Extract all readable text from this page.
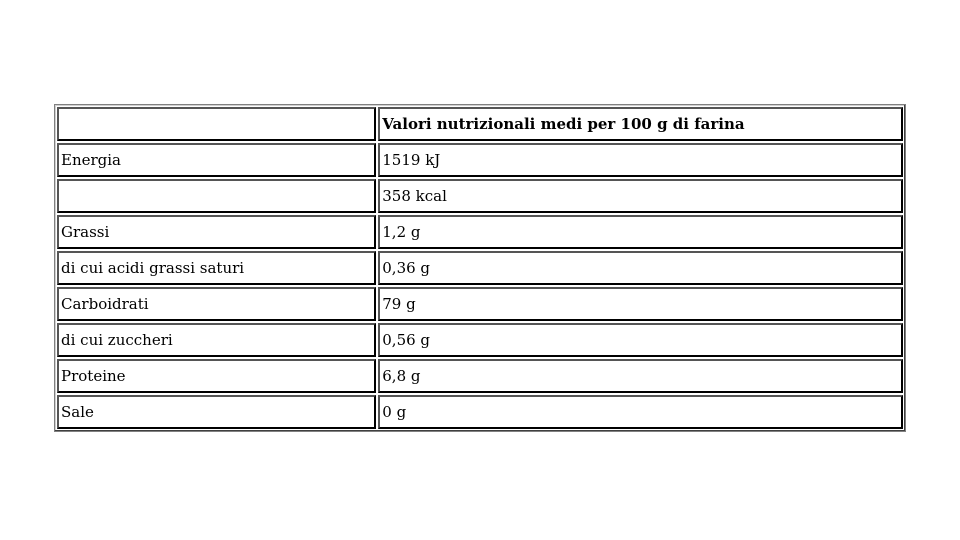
	Valori nutrizionali medi per 100 g di farina
Energia	1519 kJ
	358 kcal
Grassi	1,2 g
di cui acidi grassi saturi	0,36 g
Carboidrati	79 g
di cui zuccheri	0,56 g
Proteine	6,8 g
Sale	0 g
